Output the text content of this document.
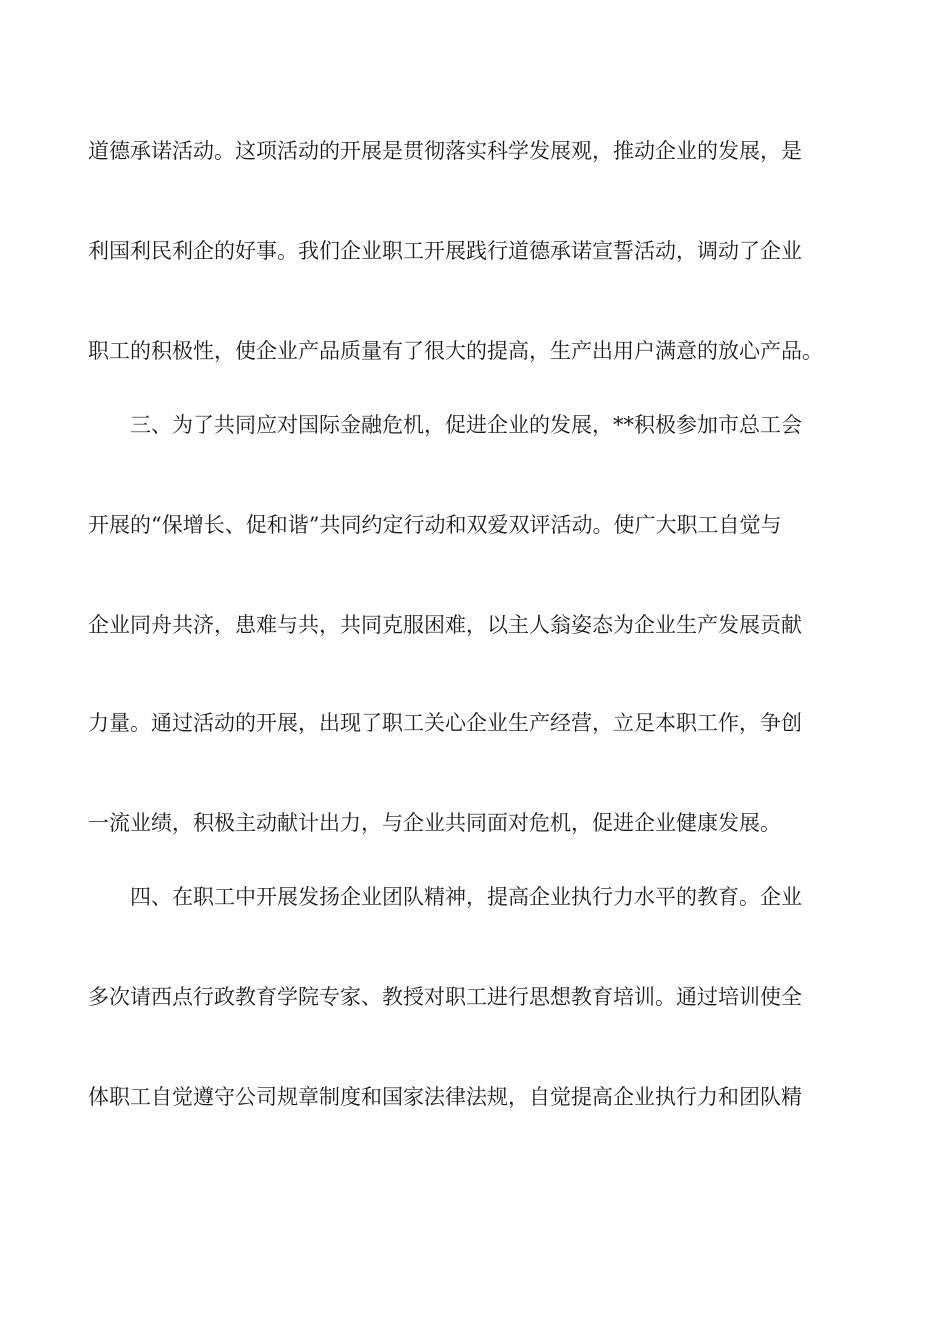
道德承诺活动。这项活动的开展是贯彻落实科学发展观，推动企业的发展，是
利国利民利企的好事。我们企业职工开展践行道德承诺宣誓活动，调动了企业
职工的积极性，使企业产品质量有了很大的提高，生产出用户满意的放心产品。
三、为了共同应对国际金融危机，促进企业的发展，**积极参加市总工会
开展的“保增长、促和谐”共同约定行动和双爱双评活动。使广大职工自觉与
企业同舟共济，患难与共，共同克服困难，以主人翁姿态为企业生产发展贡献
力量。通过活动的开展，出现了职工关心企业生产经营，立足本职工作，争创
一流业绩，积极主动献计出力，与企业共同面对危机，促进企业健康发展。
四、在职工中开展发扬企业团队精神，提高企业执行力水平的教育。企业
多次请西点行政教育学院专家、教授对职工进行思想教育培训。通过培训使全
体职工自觉遵守公司规章制度和国家法律法规，自觉提高企业执行力和团队精
